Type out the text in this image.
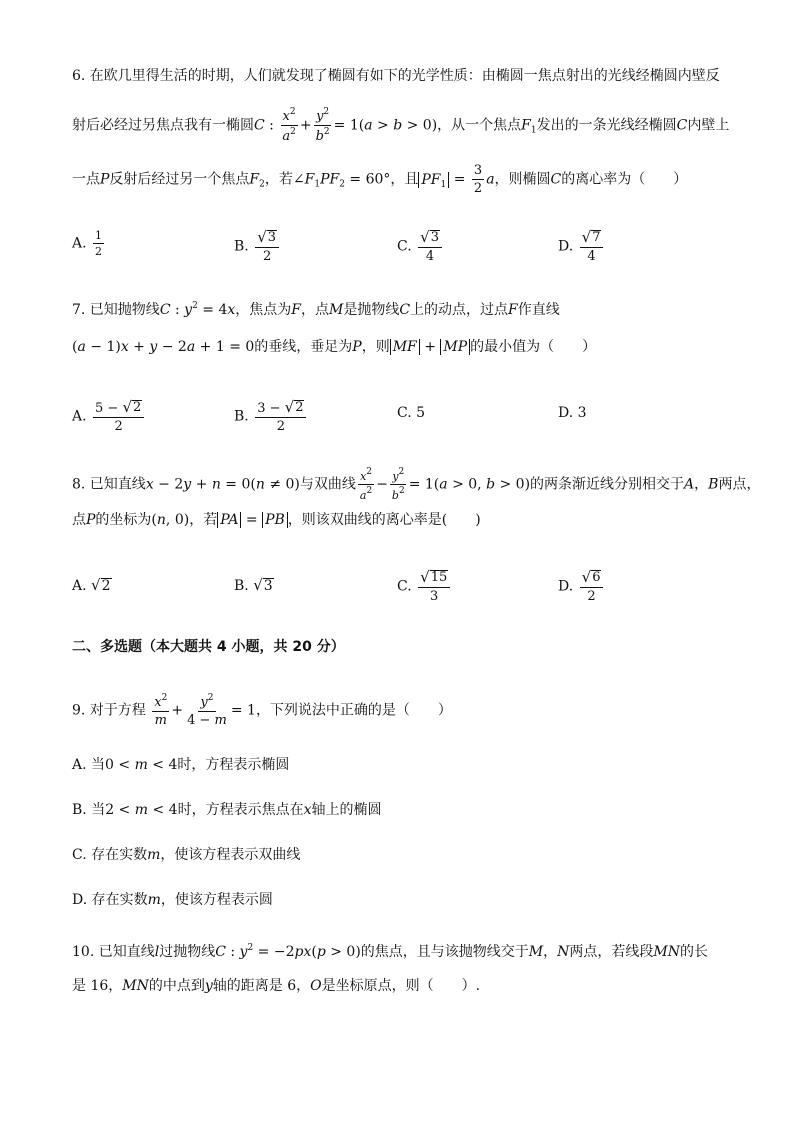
6. 在欧几里得生活的时期，人们就发现了椭圆有如下的光学性质：由椭圆一焦点射出的光线经椭圆内壁反
射后必经过另焦点我有一椭圆C : $\frac{x^2}{a^2} + \frac{y^2}{b^2} = 1(a > b > 0)$，从一个焦点$F_1$发出的一条光线经椭圆C内壁上
一点P反射后经过另一个焦点$F_2$，若$\angle F_1PF_2 = 60^\circ$，且 $PF_1 = \frac{3}{2}$ a，则椭圆C的离心率为（　　）
A. $\frac{1}{2}$	B. $\frac{√ 3}{2}$	C. $\frac{√ 3}{4}$	D. $\frac{√ 7}{4}$
7. 已知抛物线C : $y^2 = 4x$，焦点为F，点M是抛物线C上的动点，过点F作直线
(a − 1)x + y − 2a + 1 = 0的垂线，垂足为P，则 MF + MP 的最小值为（　　）
A. $\frac{5 - √ 2}{2}$	B. $\frac{3 - √ 2}{2}$	C. 5	D. 3
8. 已知直线x − 2y + n = 0(n ≠ 0)与双曲线 $\frac{x^2}{a^2} - \frac{y^2}{b^2} = 1(a > 0$, b > 0)的两条渐近线分别相交于A，B两点，
点P的坐标为(n, 0)，若 PA = PB ，则该双曲线的离心率是(　　)
A. √ 2	B. √ 3	C. $\frac{√ 15}{3}$	D. $\frac{√ 6}{2}$
二、多选题（本大题共 4 小题，共 20 分）
9. 对于方程 $\frac{x^2}{m} + \frac{y^2}{4 - m} = 1$，下列说法中正确的是（　　）
A. 当0 < m < 4时，方程表示椭圆
B. 当2 < m < 4时，方程表示焦点在x轴上的椭圆
C. 存在实数m，使该方程表示双曲线
D. 存在实数m，使该方程表示圆
10. 已知直线l过抛物线C : $y^2 = -2px(p > 0)$的焦点，且与该抛物线交于M，N两点，若线段MN的长
是 16，MN的中点到y轴的距离是 6，O是坐标原点，则（　　）.
